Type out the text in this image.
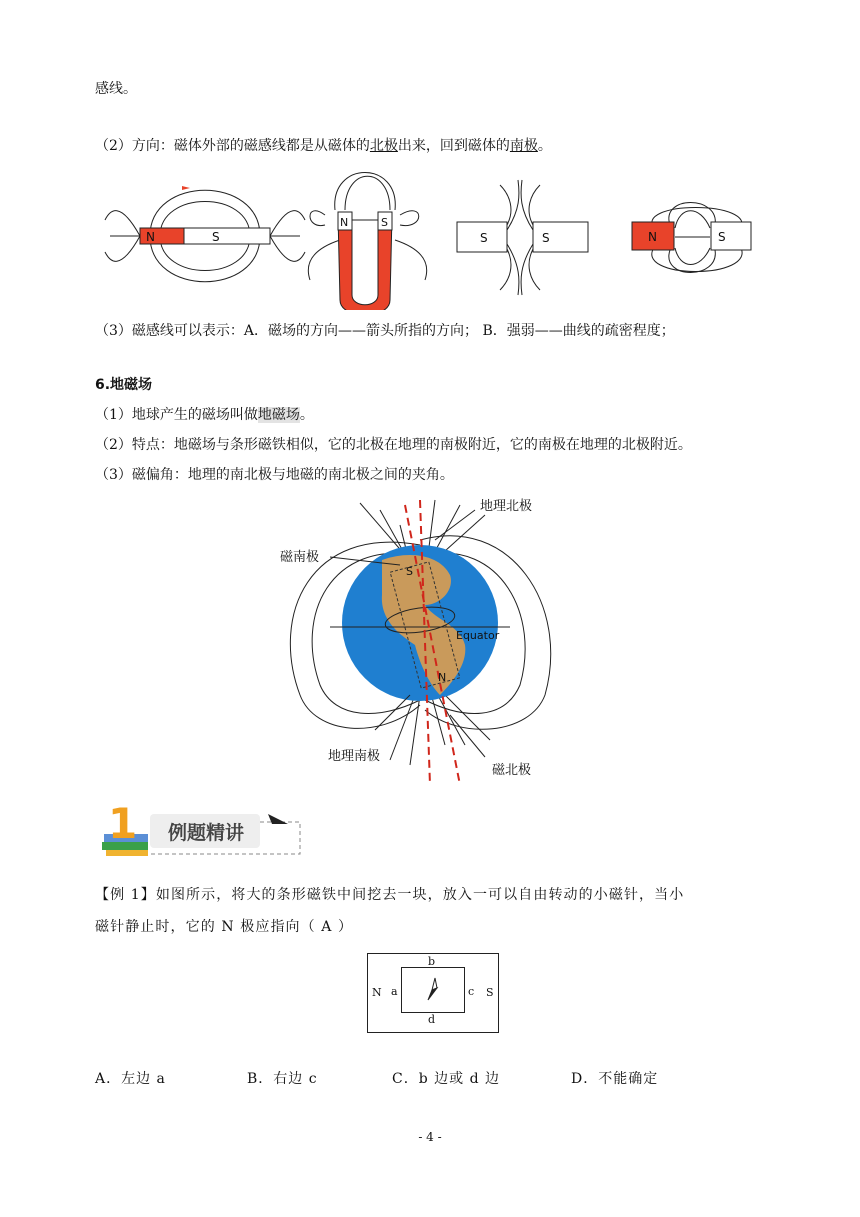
感线。
（2）方向：磁体外部的磁感线都是从磁体的北极出来，回到磁体的南极。
N	S
N	S
S	S	N	S
（3）磁感线可以表示：A．磁场的方向——箭头所指的方向； B．强弱——曲线的疏密程度；
6.地磁场
（1）地球产生的磁场叫做地磁场。
（2）特点：地磁场与条形磁铁相似，它的北极在地理的南极附近，它的南极在地理的北极附近。
（3）磁偏角：地理的南北极与地磁的南北极之间的夹角。
地理北极
磁南极
地理南极
磁北极
Equator
S
N
1 例题精讲
【例 1】如图所示，将大的条形磁铁中间挖去一块，放入一可以自由转动的小磁针，当小
磁针静止时，它的 N 极应指向（ A ）
N a
b
c
d
S
A．左边 a	B．右边 c	C．b 边或 d 边	D．不能确定
- 4 -
